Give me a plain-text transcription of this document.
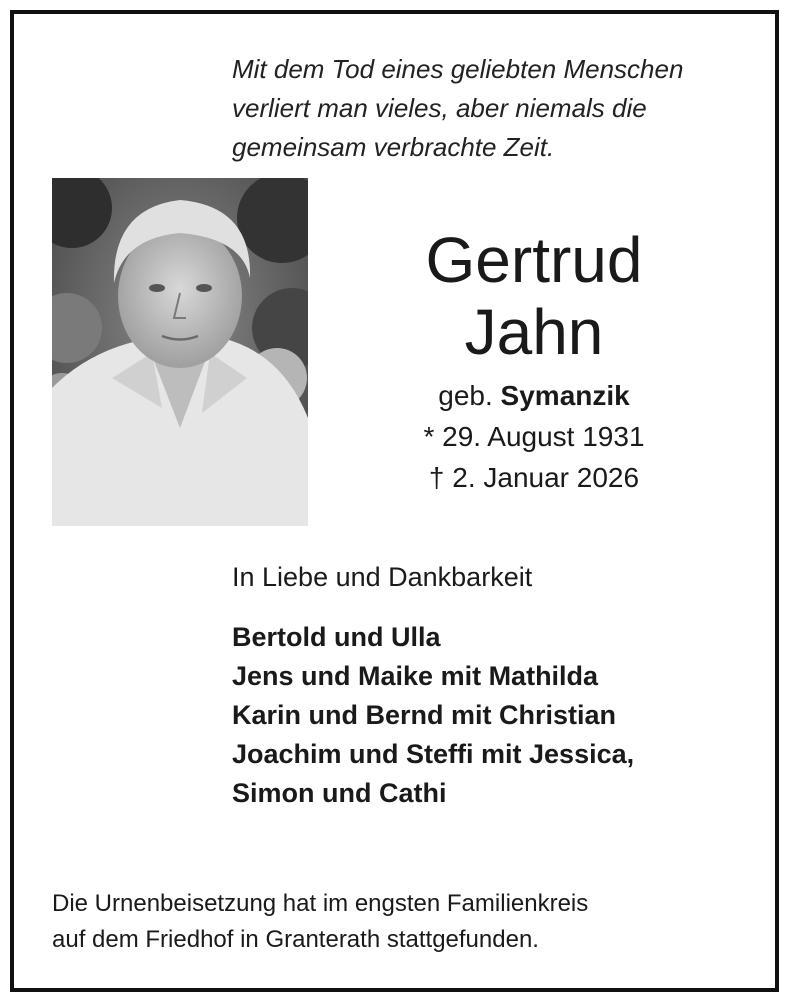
Mit dem Tod eines geliebten Menschen
verliert man vieles, aber niemals die
gemeinsam verbrachte Zeit.
Gertrud
Jahn
geb. Symanzik
* 29. August 1931
† 2. Januar 2026
In Liebe und Dankbarkeit
Bertold und Ulla
Jens und Maike mit Mathilda
Karin und Bernd mit Christian
Joachim und Steffi mit Jessica,
Simon und Cathi
Die Urnenbeisetzung hat im engsten Familienkreis
auf dem Friedhof in Granterath stattgefunden.
